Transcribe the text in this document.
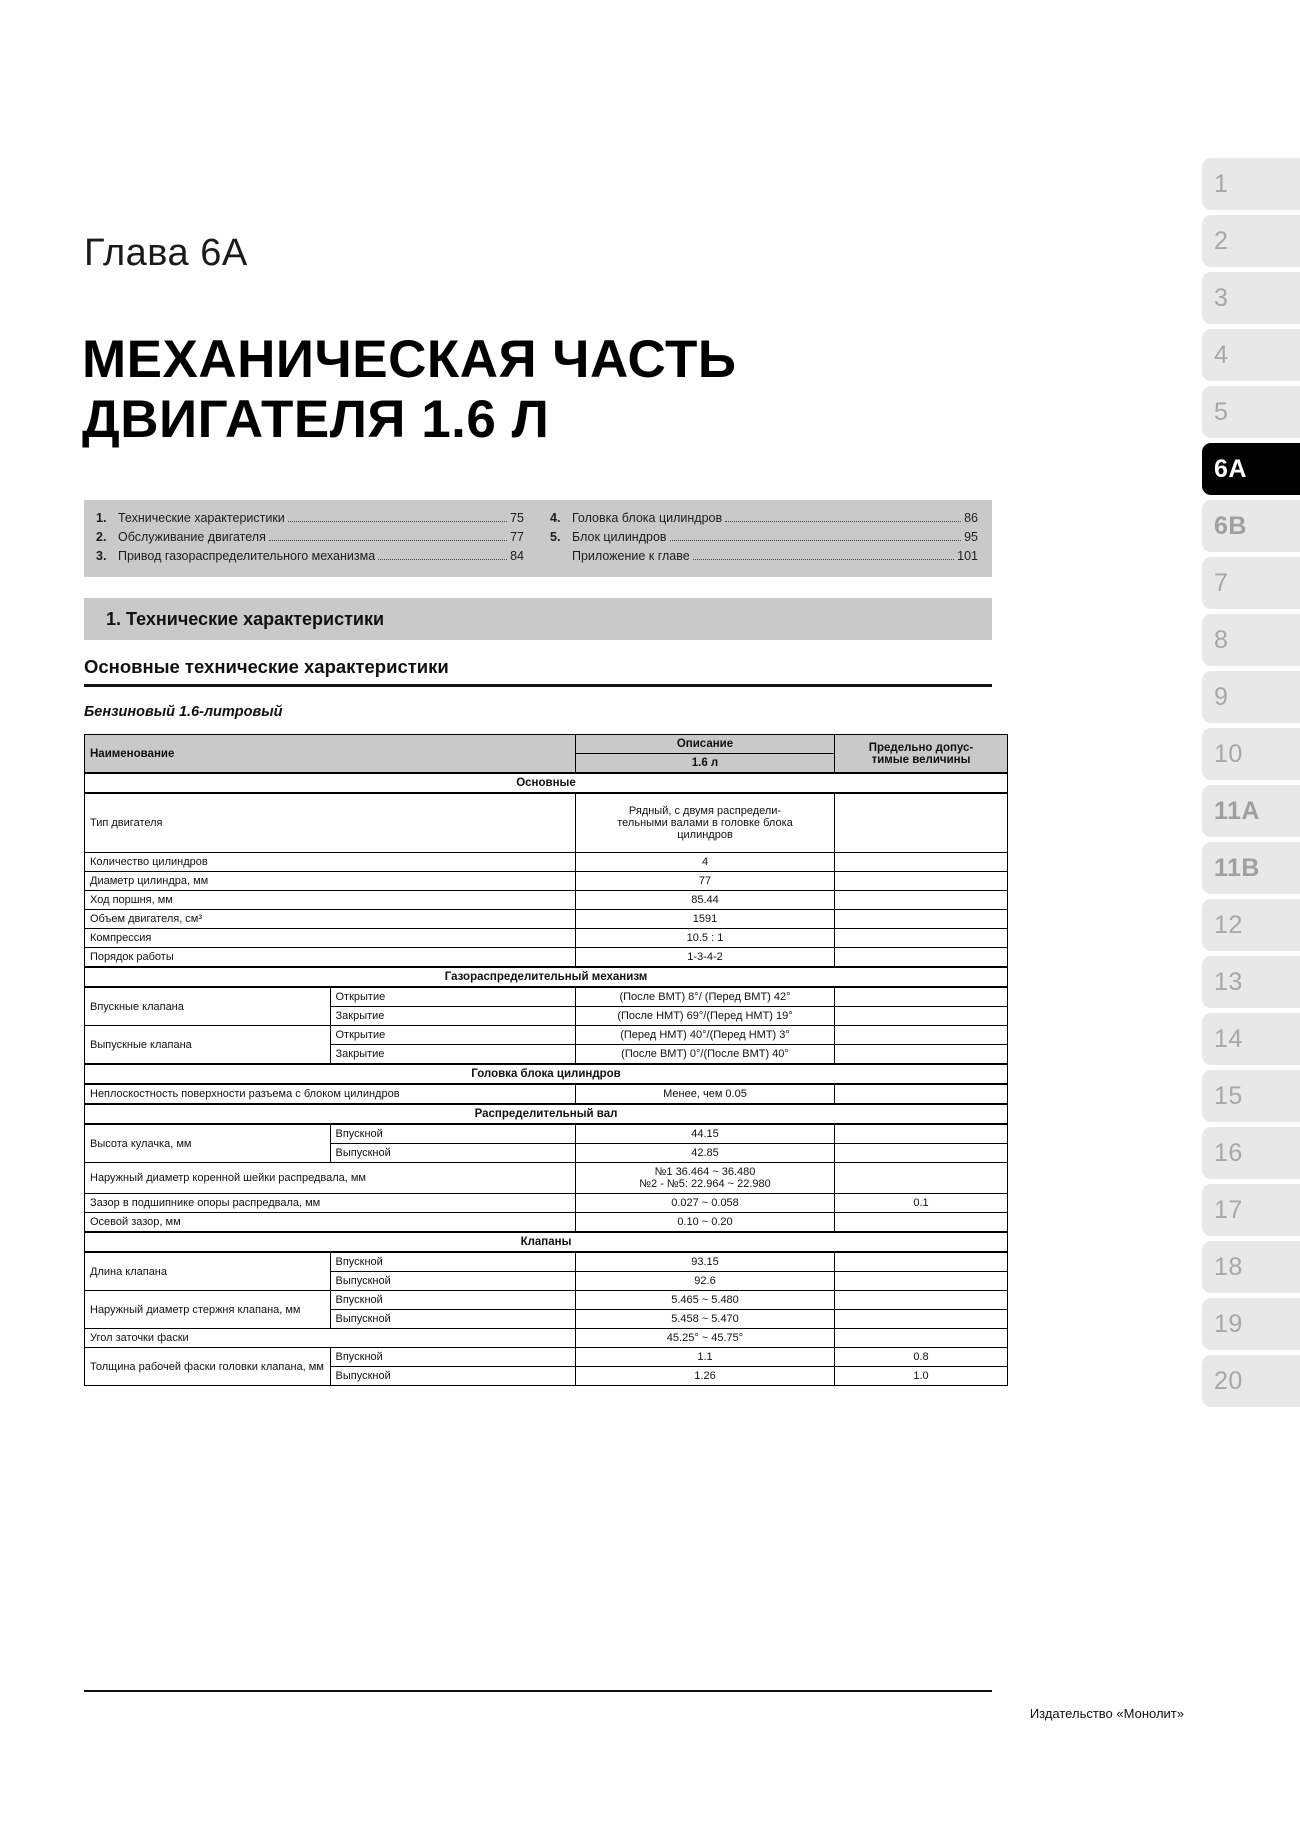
Глава 6А
МЕХАНИЧЕСКАЯ ЧАСТЬ
ДВИГАТЕЛЯ 1.6 Л
1. Технические характеристики	75
2. Обслуживание двигателя	77
3. Привод газораспределительного механизма	84
4. Головка блока цилиндров	86
5. Блок цилиндров	95
Приложение к главе	101
1. Технические характеристики
Основные технические характеристики
Бензиновый 1.6-литровый
Наименование		Описание	Предельно допус-
тимые величины
		1.6 л	
Основные			
Тип двигателя		Рядный, с двумя распредели-
тельными валами в головке блока
цилиндров	
Количество цилиндров		4	
Диаметр цилиндра, мм		77	
Ход поршня, мм		85.44	
Объем двигателя, см³		1591	
Компрессия		10.5 : 1	
Порядок работы		1-3-4-2	
Газораспределительный механизм			
Впускные клапана	Открытие	(После ВМТ) 8°/ (Перед ВМТ) 42°	
	Закрытие	(После НМТ) 69°/(Перед НМТ) 19°	
Выпускные клапана	Открытие	(Перед НМТ) 40°/(Перед НМТ) 3°	
	Закрытие	(После ВМТ) 0°/(После ВМТ) 40°	
Головка блока цилиндров			
Неплоскостность поверхности разъема с блоком цилиндров		Менее, чем 0.05	
Распределительный вал			
Высота кулачка, мм	Впускной	44.15	
	Выпускной	42.85	
Наружный диаметр коренной шейки распредвала, мм		№1 36.464 ~ 36.480
№2 - №5: 22.964 ~ 22.980	
Зазор в подшипнике опоры распредвала, мм		0.027 ~ 0.058	0.1
Осевой зазор, мм		0.10 ~ 0.20	
Клапаны			
Длина клапана	Впускной	93.15	
	Выпускной	92.6	
Наружный диаметр стержня клапана, мм	Впускной	5.465 ~ 5.480	
	Выпускной	5.458 ~ 5.470	
Угол заточки фаски		45.25° ~ 45.75°	
Толщина рабочей фаски головки клапана, мм	Впускной	1.1	0.8
	Выпускной	1.26	1.0
1
2
3
4
5
6A
6B
7
8
9
10
11A
11B
12
13
14
15
16
17
18
19
20
Издательство «Монолит»
